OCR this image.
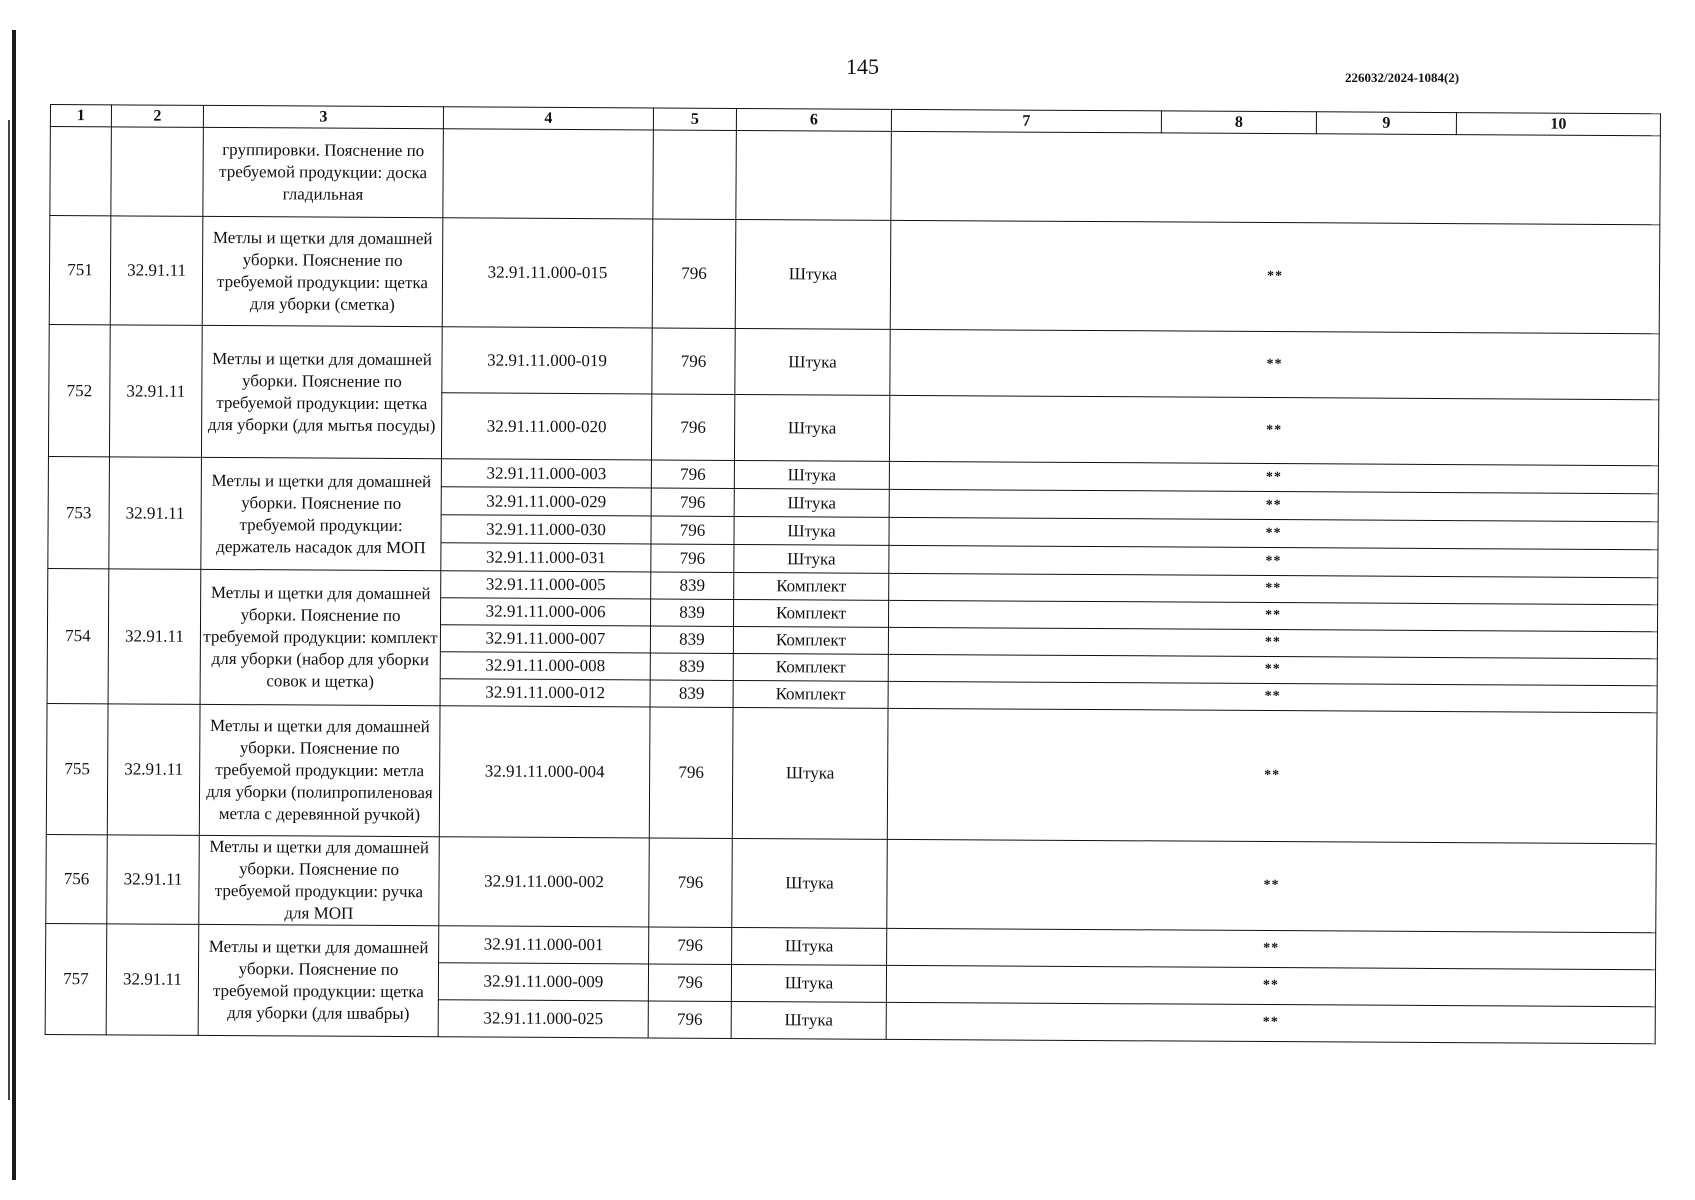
145	226032/2024-1084(2)
1	2	3	4	5	6	7	8	9	10
		группировки. Пояснение по требуемой продукции: доска гладильная							
751	32.91.11	Метлы и щетки для домашней уборки. Пояснение по требуемой продукции: щетка для уборки (сметка)	32.91.11.000-015	796	Штука	**			
752	32.91.11	Метлы и щетки для домашней уборки. Пояснение по требуемой продукции: щетка для уборки (для мытья посуды)	32.91.11.000-019	796	Штука	**			
			32.91.11.000-020	796	Штука	**			
753	32.91.11	Метлы и щетки для домашней уборки. Пояснение по требуемой продукции: держатель насадок для МОП	32.91.11.000-003	796	Штука	**			
			32.91.11.000-029	796	Штука	**			
			32.91.11.000-030	796	Штука	**			
			32.91.11.000-031	796	Штука	**			
754	32.91.11	Метлы и щетки для домашней уборки. Пояснение по требуемой продукции: комплект для уборки (набор для уборки совок и щетка)	32.91.11.000-005	839	Комплект	**			
			32.91.11.000-006	839	Комплект	**			
			32.91.11.000-007	839	Комплект	**			
			32.91.11.000-008	839	Комплект	**			
			32.91.11.000-012	839	Комплект	**			
755	32.91.11	Метлы и щетки для домашней уборки. Пояснение по требуемой продукции: метла для уборки (полипропиленовая метла с деревянной ручкой)	32.91.11.000-004	796	Штука	**			
756	32.91.11	Метлы и щетки для домашней уборки. Пояснение по требуемой продукции: ручка для МОП	32.91.11.000-002	796	Штука	**			
757	32.91.11	Метлы и щетки для домашней уборки. Пояснение по требуемой продукции: щетка для уборки (для швабры)	32.91.11.000-001	796	Штука	**			
			32.91.11.000-009	796	Штука	**			
			32.91.11.000-025	796	Штука	**			
